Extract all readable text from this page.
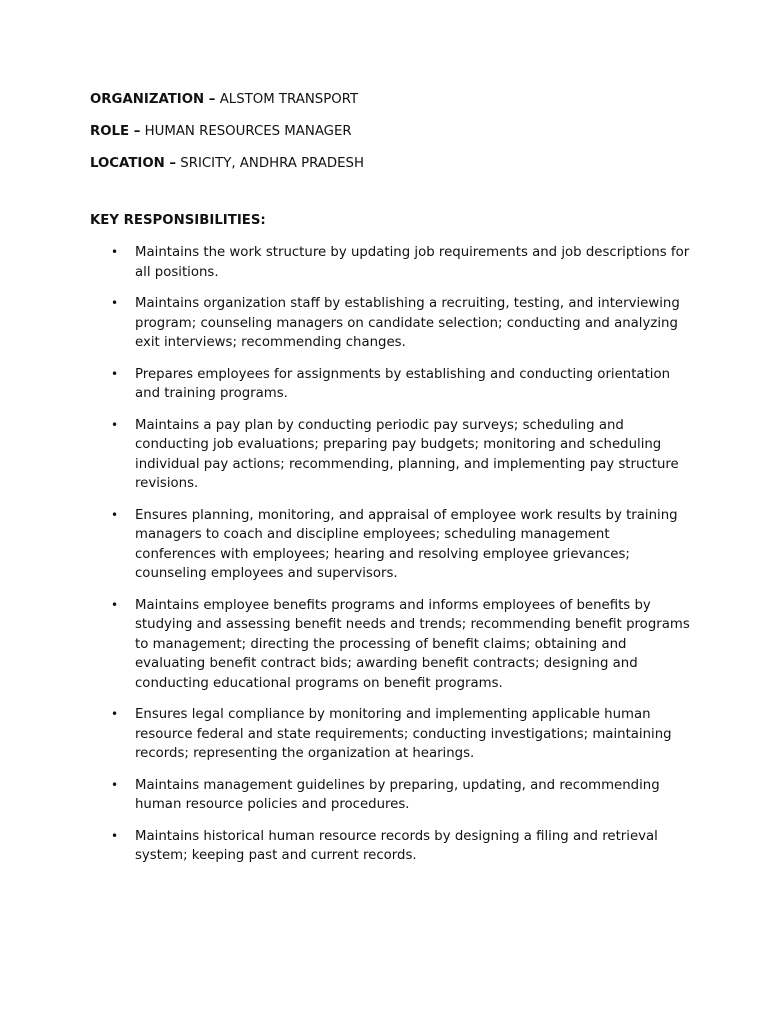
ORGANIZATION – ALSTOM TRANSPORT
ROLE – HUMAN RESOURCES MANAGER
LOCATION – SRICITY, ANDHRA PRADESH
KEY RESPONSIBILITIES:
• Maintains the work structure by updating job requirements and job descriptions for all positions.
• Maintains organization staff by establishing a recruiting, testing, and interviewing program; counseling managers on candidate selection; conducting and analyzing exit interviews; recommending changes.
• Prepares employees for assignments by establishing and conducting orientation and training programs.
• Maintains a pay plan by conducting periodic pay surveys; scheduling and conducting job evaluations; preparing pay budgets; monitoring and scheduling individual pay actions; recommending, planning, and implementing pay structure revisions.
• Ensures planning, monitoring, and appraisal of employee work results by training managers to coach and discipline employees; scheduling management conferences with employees; hearing and resolving employee grievances; counseling employees and supervisors.
• Maintains employee benefits programs and informs employees of benefits by studying and assessing benefit needs and trends; recommending benefit programs to management; directing the processing of benefit claims; obtaining and evaluating benefit contract bids; awarding benefit contracts; designing and conducting educational programs on benefit programs.
• Ensures legal compliance by monitoring and implementing applicable human resource federal and state requirements; conducting investigations; maintaining records; representing the organization at hearings.
• Maintains management guidelines by preparing, updating, and recommending human resource policies and procedures.
• Maintains historical human resource records by designing a filing and retrieval system; keeping past and current records.
